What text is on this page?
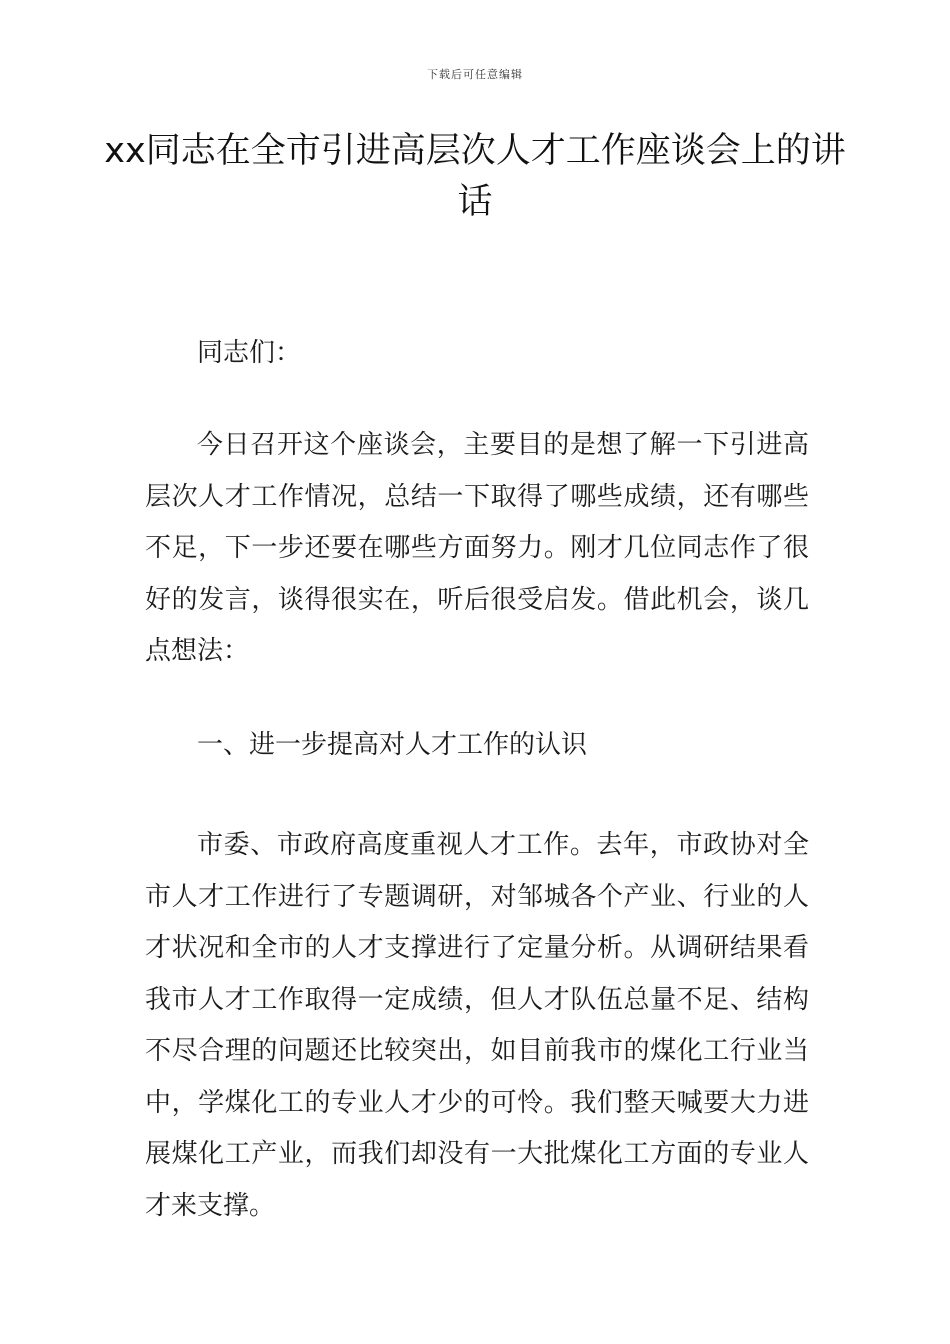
下载后可任意编辑
xx同志在全市引进高层次人才工作座谈会上的讲话

同志们：

今日召开这个座谈会，主要目的是想了解一下引进高层次人才工作情况，总结一下取得了哪些成绩，还有哪些不足，下一步还要在哪些方面努力。刚才几位同志作了很好的发言，谈得很实在，听后很受启发。借此机会，谈几点想法：

一、进一步提高对人才工作的认识

市委、市政府高度重视人才工作。去年，市政协对全市人才工作进行了专题调研，对邹城各个产业、行业的人才状况和全市的人才支撑进行了定量分析。从调研结果看我市人才工作取得一定成绩，但人才队伍总量不足、结构不尽合理的问题还比较突出，如目前我市的煤化工行业当中，学煤化工的专业人才少的可怜。我们整天喊要大力进展煤化工产业，而我们却没有一大批煤化工方面的专业人才来支撑。
